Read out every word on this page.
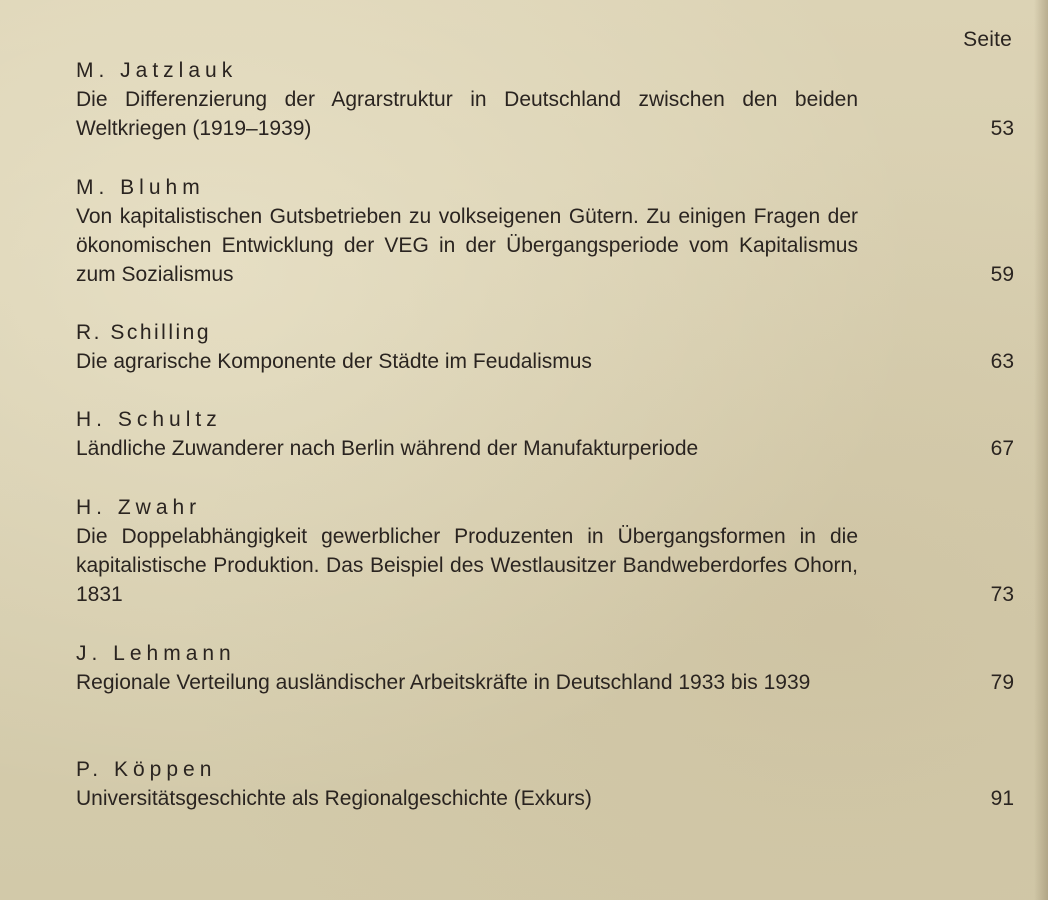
Seite
M. Jatzlauk
Die Differenzierung der Agrarstruktur in Deutschland zwischen den beiden Weltkriegen (1919–1939)	53
M. Bluhm
Von kapitalistischen Gutsbetrieben zu volkseigenen Gütern. Zu einigen Fragen der ökonomischen Entwicklung der VEG in der Übergangsperiode vom Kapitalismus zum Sozialismus	59
R. Schilling
Die agrarische Komponente der Städte im Feudalismus	63
H. Schultz
Ländliche Zuwanderer nach Berlin während der Manufakturperiode	67
H. Zwahr
Die Doppelabhängigkeit gewerblicher Produzenten in Übergangsformen in die kapitalistische Produktion. Das Beispiel des Westlausitzer Bandweberdorfes Ohorn, 1831	73
J. Lehmann
Regionale Verteilung ausländischer Arbeitskräfte in Deutschland 1933 bis 1939	79
P. Köppen
Universitätsgeschichte als Regionalgeschichte (Exkurs)	91
